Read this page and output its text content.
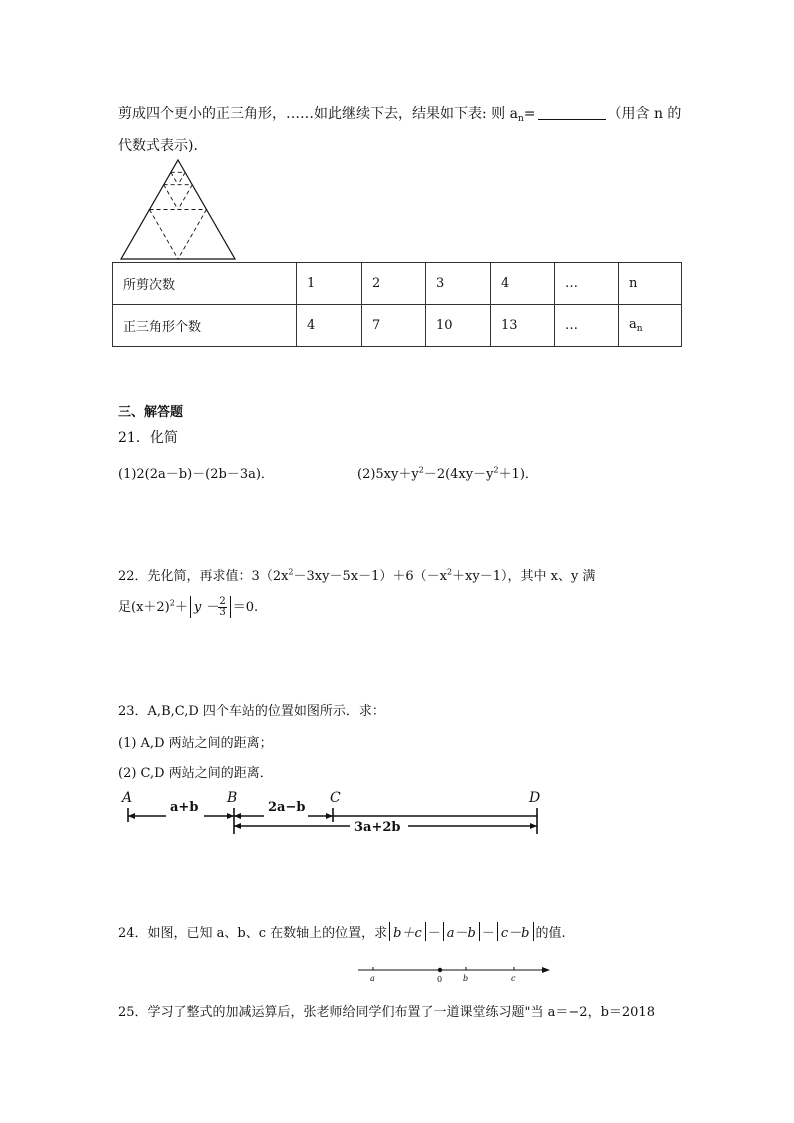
剪成四个更小的正三角形，……如此继续下去，结果如下表: 则 $a_n=$	（用含 n 的
代数式表示)．
所剪次数	1	2	3	4	…	n
正三角形个数	4	7	10	13	…	$a_n$
三、解答题
21．化简
(1)2(2a－b)－(2b－3a)．	$(2)5xy+y^2-2(4xy-y^2+1)$．
22．先化简，再求值：$3(2x^2-3xy-5x-1)+6(-x^2+xy-1)$，其中 x、y 满
足$(x+2)^2+ y - \frac{2}{3} =0$.
23．A,B,C,D 四个车站的位置如图所示．求：
(1) A,D 两站之间的距离；
(2) C,D 两站之间的距离．
A	B	C	D
a+b	2a−b
3a+2b
24．如图，已知 a、b、c 在数轴上的位置，求 b＋c － a－b － c－b 的值.
a	0	b	c
25．学习了整式的加减运算后，张老师给同学们布置了一道课堂练习题"当 a＝−2，b＝2018
